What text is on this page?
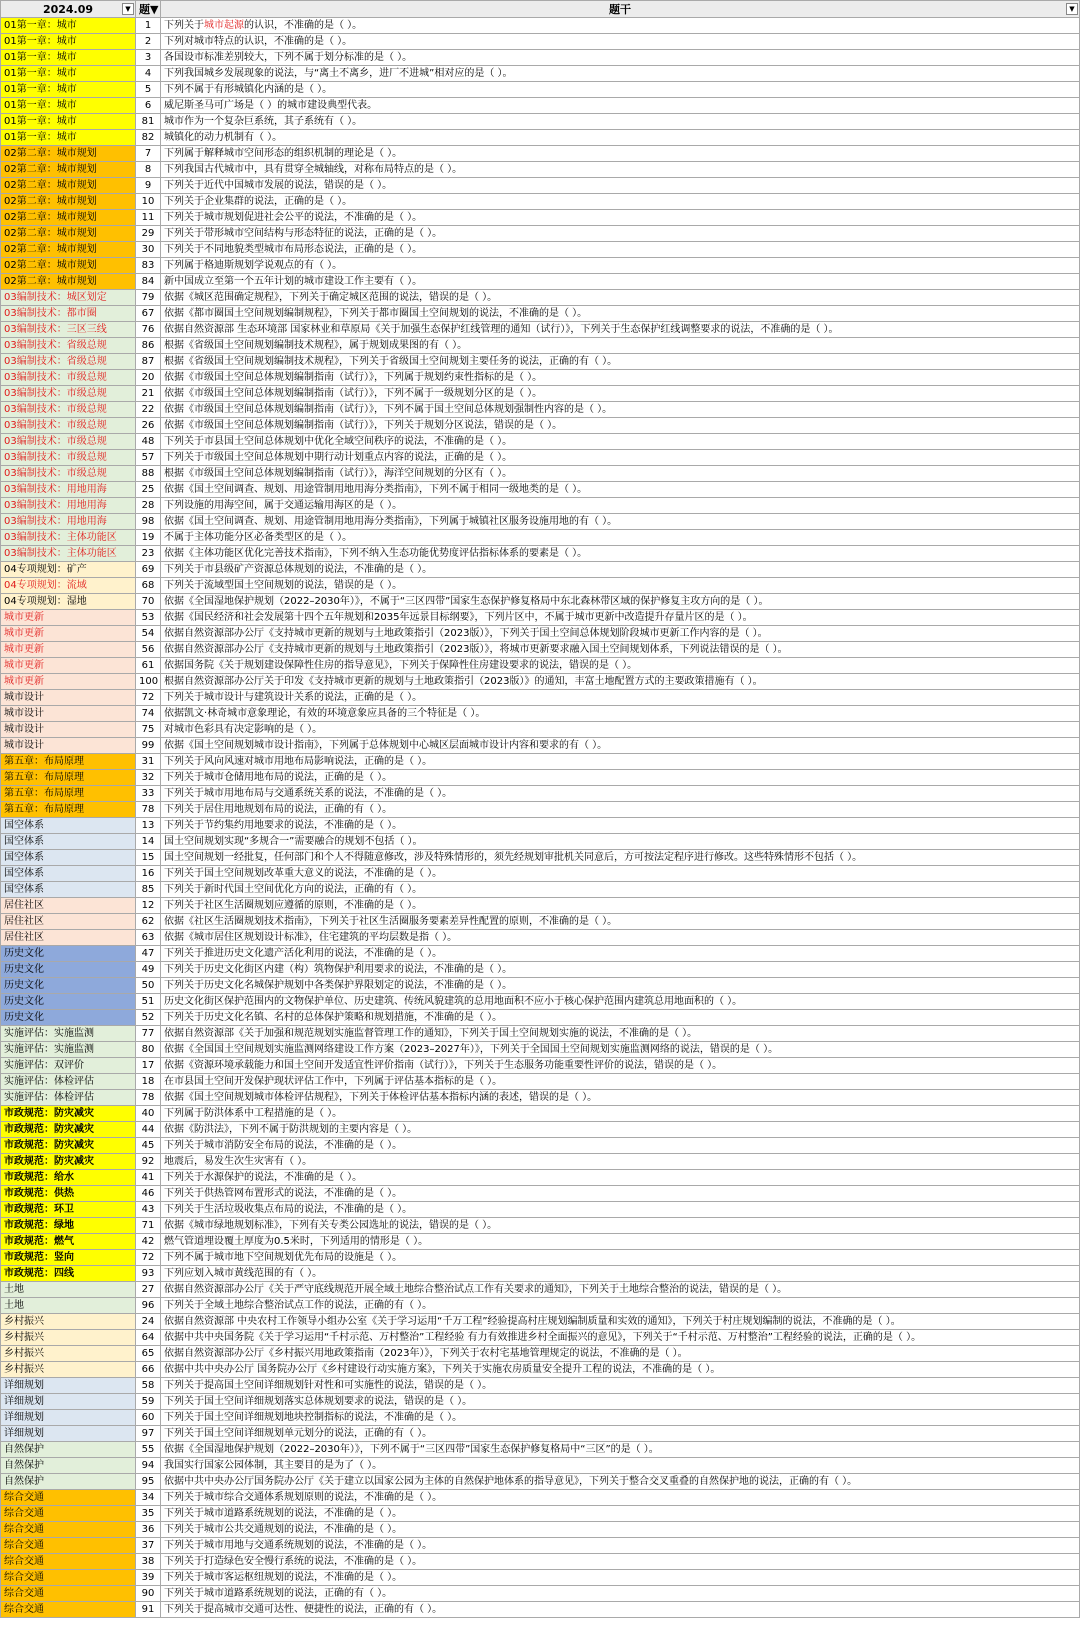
2024.09 ▼	题▼	题干 ▼

01第一章：城市	1	下列关于城市起源的认识，不准确的是（ ）。
01第一章：城市	2	下列对城市特点的认识，不准确的是（ ）。
01第一章：城市	3	各国设市标准差别较大，下列不属于划分标准的是（ ）。
01第一章：城市	4	下列我国城乡发展现象的说法，与“离土不离乡，进厂不进城”相对应的是（ ）。
01第一章：城市	5	下列不属于有形城镇化内涵的是（ ）。
01第一章：城市	6	威尼斯圣马可广场是（ ）的城市建设典型代表。
01第一章：城市	81	城市作为一个复杂巨系统，其子系统有（ ）。
01第一章：城市	82	城镇化的动力机制有（ ）。
02第二章：城市规划	7	下列属于解释城市空间形态的组织机制的理论是（ ）。
02第二章：城市规划	8	下列我国古代城市中，具有贯穿全城轴线，对称布局特点的是（ ）。
02第二章：城市规划	9	下列关于近代中国城市发展的说法，错误的是（ ）。
02第二章：城市规划	10	下列关于企业集群的说法，正确的是（ ）。
02第二章：城市规划	11	下列关于城市规划促进社会公平的说法，不准确的是（ ）。
02第二章：城市规划	29	下列关于带形城市空间结构与形态特征的说法，正确的是（ ）。
02第二章：城市规划	30	下列关于不同地貌类型城市布局形态说法，正确的是（ ）。
02第二章：城市规划	83	下列属于格迪斯规划学说观点的有（ ）。
02第二章：城市规划	84	新中国成立至第一个五年计划的城市建设工作主要有（ ）。
03编制技术：城区划定	79	依据《城区范围确定规程》，下列关于确定城区范围的说法，错误的是（ ）。
03编制技术：都市圈	67	依据《都市圈国土空间规划编制规程》，下列关于都市圈国土空间规划的说法，不准确的是（ ）。
03编制技术：三区三线	76	依据自然资源部 生态环境部 国家林业和草原局《关于加强生态保护红线管理的通知（试行）》，下列关于生态保护红线调整要求的说法，不准确的是（ ）。
03编制技术：省级总规	86	根据《省级国土空间规划编制技术规程》，属于规划成果图的有（ ）。
03编制技术：省级总规	87	根据《省级国土空间规划编制技术规程》，下列关于省级国土空间规划主要任务的说法，正确的有（ ）。
03编制技术：市级总规	20	依据《市级国土空间总体规划编制指南（试行）》，下列属于规划约束性指标的是（ ）。
03编制技术：市级总规	21	依据《市级国土空间总体规划编制指南（试行）》，下列不属于一级规划分区的是（ ）。
03编制技术：市级总规	22	依据《市级国土空间总体规划编制指南（试行）》，下列不属于国土空间总体规划强制性内容的是（ ）。
03编制技术：市级总规	26	依据《市级国土空间总体规划编制指南（试行）》，下列关于规划分区说法，错误的是（ ）。
03编制技术：市级总规	48	下列关于市县国土空间总体规划中优化全域空间秩序的说法，不准确的是（ ）。
03编制技术：市级总规	57	下列关于市级国土空间总体规划中期行动计划重点内容的说法，正确的是（ ）。
03编制技术：市级总规	88	根据《市级国土空间总体规划编制指南（试行）》，海洋空间规划的分区有（ ）。
03编制技术：用地用海	25	依据《国土空间调查、规划、用途管制用地用海分类指南》，下列不属于相同一级地类的是（ ）。
03编制技术：用地用海	28	下列设施的用海空间，属于交通运输用海区的是（ ）。
03编制技术：用地用海	98	依据《国土空间调查、规划、用途管制用地用海分类指南》，下列属于城镇社区服务设施用地的有（ ）。
03编制技术：主体功能区	19	不属于主体功能分区必备类型区的是（ ）。
03编制技术：主体功能区	23	依据《主体功能区优化完善技术指南》，下列不纳入生态功能优势度评估指标体系的要素是（ ）。
04专项规划：矿产	69	下列关于市县级矿产资源总体规划的说法，不准确的是（ ）。
04专项规划：流域	68	下列关于流域型国土空间规划的说法，错误的是（ ）。
04专项规划：湿地	70	依据《全国湿地保护规划（2022–2030年）》，不属于“三区四带”国家生态保护修复格局中东北森林带区域的保护修复主攻方向的是（ ）。
城市更新	53	依据《国民经济和社会发展第十四个五年规划和2035年远景目标纲要》，下列片区中，不属于城市更新中改造提升存量片区的是（ ）。
城市更新	54	依据自然资源部办公厅《支持城市更新的规划与土地政策指引（2023版）》，下列关于国土空间总体规划阶段城市更新工作内容的是（ ）。
城市更新	56	依据自然资源部办公厅《支持城市更新的规划与土地政策指引（2023版）》，将城市更新要求融入国土空间规划体系，下列说法错误的是（ ）。
城市更新	61	依据国务院《关于规划建设保障性住房的指导意见》，下列关于保障性住房建设要求的说法，错误的是（ ）。
城市更新	100	根据自然资源部办公厅关于印发《支持城市更新的规划与土地政策指引（2023版）》的通知，丰富土地配置方式的主要政策措施有（ ）。
城市设计	72	下列关于城市设计与建筑设计关系的说法，正确的是（ ）。
城市设计	74	依据凯文·林奇城市意象理论，有效的环境意象应具备的三个特征是（ ）。
城市设计	75	对城市色彩具有决定影响的是（ ）。
城市设计	99	依据《国土空间规划城市设计指南》，下列属于总体规划中心城区层面城市设计内容和要求的有（ ）。
第五章：布局原理	31	下列关于风向风速对城市用地布局影响说法，正确的是（ ）。
第五章：布局原理	32	下列关于城市仓储用地布局的说法，正确的是（ ）。
第五章：布局原理	33	下列关于城市用地布局与交通系统关系的说法，不准确的是（ ）。
第五章：布局原理	78	下列关于居住用地规划布局的说法，正确的有（ ）。
国空体系	13	下列关于节约集约用地要求的说法，不准确的是（ ）。
国空体系	14	国土空间规划实现“多规合一”需要融合的规划不包括（ ）。
国空体系	15	国土空间规划一经批复，任何部门和个人不得随意修改，涉及特殊情形的，须先经规划审批机关同意后，方可按法定程序进行修改。这些特殊情形不包括（ ）。
国空体系	16	下列关于国土空间规划改革重大意义的说法，不准确的是（ ）。
国空体系	85	下列关于新时代国土空间优化方向的说法，正确的有（ ）。
居住社区	12	下列关于社区生活圈规划应遵循的原则，不准确的是（ ）。
居住社区	62	依据《社区生活圈规划技术指南》，下列关于社区生活圈服务要素差异性配置的原则，不准确的是（ ）。
居住社区	63	依据《城市居住区规划设计标准》，住宅建筑的平均层数是指（ ）。
历史文化	47	下列关于推进历史文化遗产活化利用的说法，不准确的是（ ）。
历史文化	49	下列关于历史文化街区内建（构）筑物保护利用要求的说法，不准确的是（ ）。
历史文化	50	下列关于历史文化名城保护规划中各类保护界限划定的说法，不准确的是（ ）。
历史文化	51	历史文化街区保护范围内的文物保护单位、历史建筑、传统风貌建筑的总用地面积不应小于核心保护范围内建筑总用地面积的（ ）。
历史文化	52	下列关于历史文化名镇、名村的总体保护策略和规划措施，不准确的是（ ）。
实施评估：实施监测	77	依据自然资源部《关于加强和规范规划实施监督管理工作的通知》，下列关于国土空间规划实施的说法，不准确的是（ ）。
实施评估：实施监测	80	依据《全国国土空间规划实施监测网络建设工作方案（2023–2027年）》，下列关于全国国土空间规划实施监测网络的说法，错误的是（ ）。
实施评估：双评价	17	依据《资源环境承载能力和国土空间开发适宜性评价指南（试行）》，下列关于生态服务功能重要性评价的说法，错误的是（ ）。
实施评估：体检评估	18	在市县国土空间开发保护现状评估工作中，下列属于评估基本指标的是（ ）。
实施评估：体检评估	78	依据《国土空间规划城市体检评估规程》，下列关于体检评估基本指标内涵的表述，错误的是（ ）。
市政规范：防灾减灾	40	下列属于防洪体系中工程措施的是（ ）。
市政规范：防灾减灾	44	依据《防洪法》，下列不属于防洪规划的主要内容是（ ）。
市政规范：防灾减灾	45	下列关于城市消防安全布局的说法，不准确的是（ ）。
市政规范：防灾减灾	92	地震后，易发生次生灾害有（ ）。
市政规范：给水	41	下列关于水源保护的说法，不准确的是（ ）。
市政规范：供热	46	下列关于供热管网布置形式的说法，不准确的是（ ）。
市政规范：环卫	43	下列关于生活垃圾收集点布局的说法，不准确的是（ ）。
市政规范：绿地	71	依据《城市绿地规划标准》，下列有关专类公园选址的说法，错误的是（ ）。
市政规范：燃气	42	燃气管道埋设覆土厚度为0.5米时，下列适用的情形是（ ）。
市政规范：竖向	72	下列不属于城市地下空间规划优先布局的设施是（ ）。
市政规范：四线	93	下列应划入城市黄线范围的有（ ）。
土地	27	依据自然资源部办公厅《关于严守底线规范开展全域土地综合整治试点工作有关要求的通知》，下列关于土地综合整治的说法，错误的是（ ）。
土地	96	下列关于全域土地综合整治试点工作的说法，正确的有（ ）。
乡村振兴	24	依据自然资源部 中央农村工作领导小组办公室《关于学习运用“千万工程”经验提高村庄规划编制质量和实效的通知》，下列关于村庄规划编制的说法，不准确的是（ ）。
乡村振兴	64	依据中共中央国务院《关于学习运用“千村示范、万村整治”工程经验 有力有效推进乡村全面振兴的意见》，下列关于“千村示范、万村整治”工程经验的说法，正确的是（ ）。
乡村振兴	65	依据自然资源部办公厅《乡村振兴用地政策指南（2023年）》，下列关于农村宅基地管理规定的说法，不准确的是（ ）。
乡村振兴	66	依据中共中央办公厅 国务院办公厅《乡村建设行动实施方案》，下列关于实施农房质量安全提升工程的说法，不准确的是（ ）。
详细规划	58	下列关于提高国土空间详细规划针对性和可实施性的说法，错误的是（ ）。
详细规划	59	下列关于国土空间详细规划落实总体规划要求的说法，错误的是（ ）。
详细规划	60	下列关于国土空间详细规划地块控制指标的说法，不准确的是（ ）。
详细规划	97	下列关于国土空间详细规划单元划分的说法，正确的有（ ）。
自然保护	55	依据《全国湿地保护规划（2022–2030年）》，下列不属于“三区四带”国家生态保护修复格局中“三区”的是（ ）。
自然保护	94	我国实行国家公园体制，其主要目的是为了（ ）。
自然保护	95	依据中共中央办公厅国务院办公厅《关于建立以国家公园为主体的自然保护地体系的指导意见》，下列关于整合交叉重叠的自然保护地的说法，正确的有（ ）。
综合交通	34	下列关于城市综合交通体系规划原则的说法，不准确的是（ ）。
综合交通	35	下列关于城市道路系统规划的说法，不准确的是（ ）。
综合交通	36	下列关于城市公共交通规划的说法，不准确的是（ ）。
综合交通	37	下列关于城市用地与交通系统规划的说法，不准确的是（ ）。
综合交通	38	下列关于打造绿色安全慢行系统的说法，不准确的是（ ）。
综合交通	39	下列关于城市客运枢纽规划的说法，不准确的是（ ）。
综合交通	90	下列关于城市道路系统规划的说法，正确的有（ ）。
综合交通	91	下列关于提高城市交通可达性、便捷性的说法，正确的有（ ）。
